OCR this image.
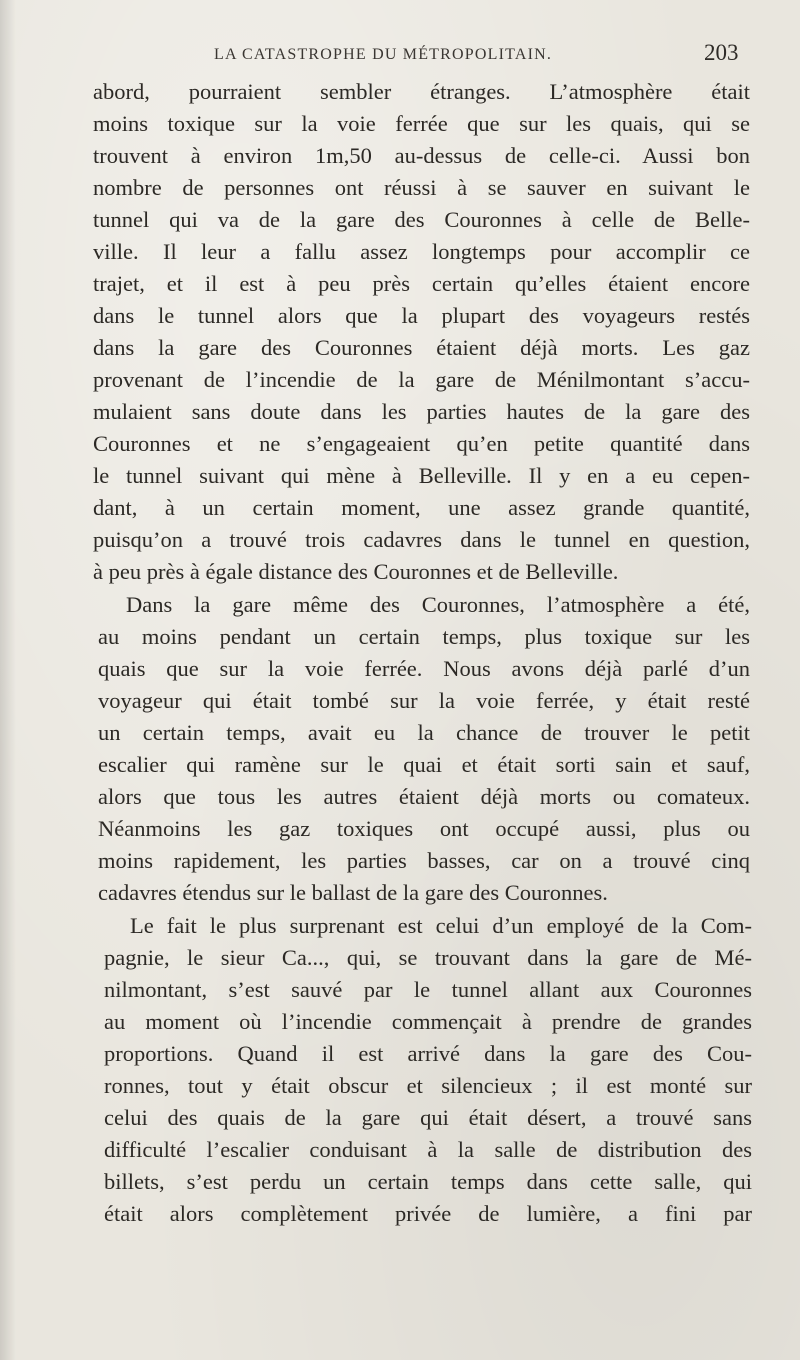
LA CATASTROPHE DU MÉTROPOLITAIN.	203
abord, pourraient sembler étranges. L’atmosphère était
moins toxique sur la voie ferrée que sur les quais, qui se
trouvent à environ 1m,50 au-dessus de celle-ci. Aussi bon
nombre de personnes ont réussi à se sauver en suivant le
tunnel qui va de la gare des Couronnes à celle de Belle-
ville. Il leur a fallu assez longtemps pour accomplir ce
trajet, et il est à peu près certain qu’elles étaient encore
dans le tunnel alors que la plupart des voyageurs restés
dans la gare des Couronnes étaient déjà morts. Les gaz
provenant de l’incendie de la gare de Ménilmontant s’accu-
mulaient sans doute dans les parties hautes de la gare des
Couronnes et ne s’engageaient qu’en petite quantité dans
le tunnel suivant qui mène à Belleville. Il y en a eu cepen-
dant, à un certain moment, une assez grande quantité,
puisqu’on a trouvé trois cadavres dans le tunnel en question,
à peu près à égale distance des Couronnes et de Belleville.
Dans la gare même des Couronnes, l’atmosphère a été,
au moins pendant un certain temps, plus toxique sur les
quais que sur la voie ferrée. Nous avons déjà parlé d’un
voyageur qui était tombé sur la voie ferrée, y était resté
un certain temps, avait eu la chance de trouver le petit
escalier qui ramène sur le quai et était sorti sain et sauf,
alors que tous les autres étaient déjà morts ou comateux.
Néanmoins les gaz toxiques ont occupé aussi, plus ou
moins rapidement, les parties basses, car on a trouvé cinq
cadavres étendus sur le ballast de la gare des Couronnes.
Le fait le plus surprenant est celui d’un employé de la Com-
pagnie, le sieur Ca..., qui, se trouvant dans la gare de Mé-
nilmontant, s’est sauvé par le tunnel allant aux Couronnes
au moment où l’incendie commençait à prendre de grandes
proportions. Quand il est arrivé dans la gare des Cou-
ronnes, tout y était obscur et silencieux ; il est monté sur
celui des quais de la gare qui était désert, a trouvé sans
difficulté l’escalier conduisant à la salle de distribution des
billets, s’est perdu un certain temps dans cette salle, qui
était alors complètement privée de lumière, a fini par
